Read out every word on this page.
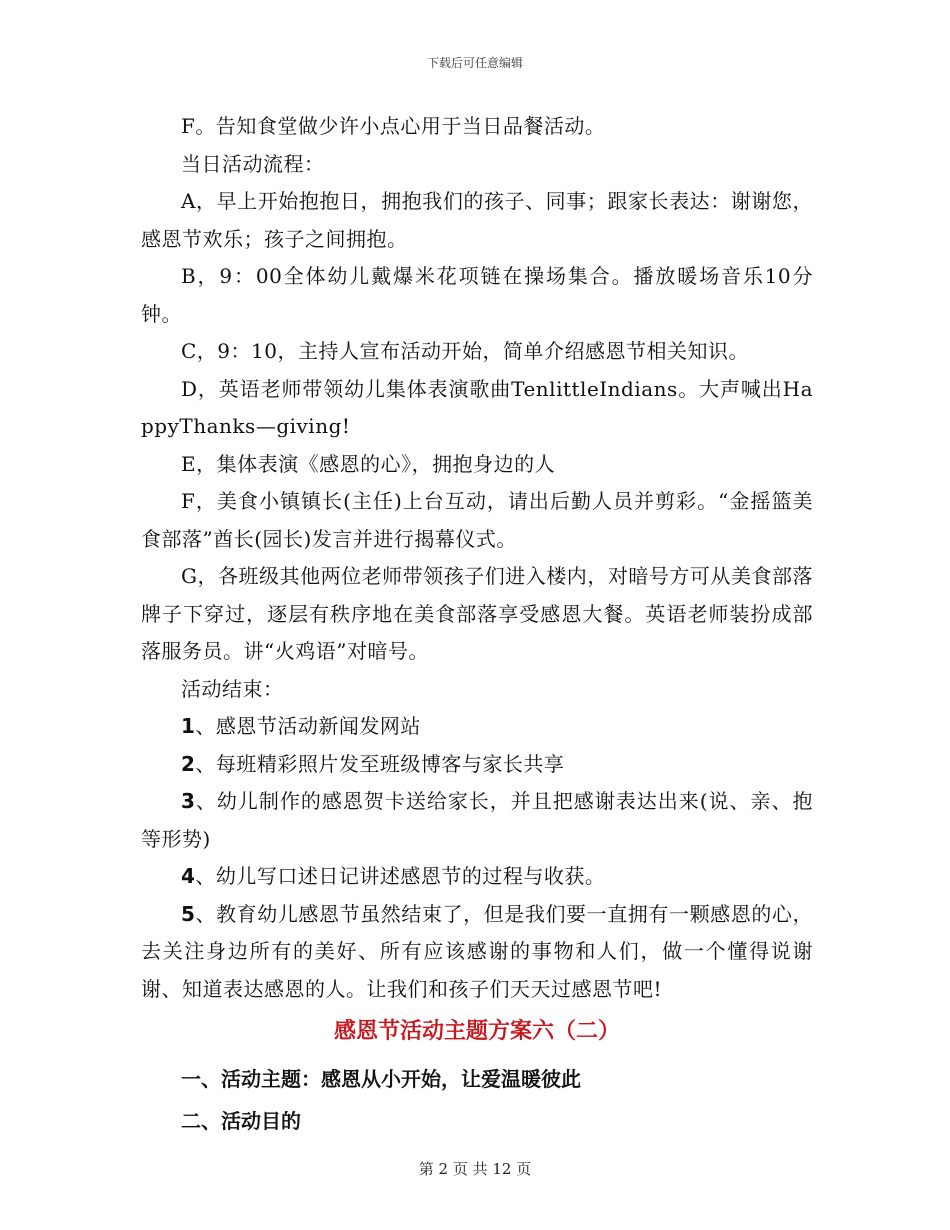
下载后可任意编辑

F。告知食堂做少许小点心用于当日品餐活动。

当日活动流程：

A，早上开始抱抱日，拥抱我们的孩子、同事；跟家长表达：谢谢您，感恩节欢乐；孩子之间拥抱。

B，9：00全体幼儿戴爆米花项链在操场集合。播放暖场音乐10分钟。

C，9：10，主持人宣布活动开始，简单介绍感恩节相关知识。

D，英语老师带领幼儿集体表演歌曲TenlittleIndians。大声喊出HappyThanks—giving!

E，集体表演《感恩的心》，拥抱身边的人

F，美食小镇镇长(主任)上台互动，请出后勤人员并剪彩。“金摇篮美食部落”酋长(园长)发言并进行揭幕仪式。

G，各班级其他两位老师带领孩子们进入楼内，对暗号方可从美食部落牌子下穿过，逐层有秩序地在美食部落享受感恩大餐。英语老师装扮成部落服务员。讲“火鸡语”对暗号。

活动结束：

1、感恩节活动新闻发网站

2、每班精彩照片发至班级博客与家长共享

3、幼儿制作的感恩贺卡送给家长，并且把感谢表达出来(说、亲、抱等形势)

4、幼儿写口述日记讲述感恩节的过程与收获。

5、教育幼儿感恩节虽然结束了，但是我们要一直拥有一颗感恩的心，去关注身边所有的美好、所有应该感谢的事物和人们，做一个懂得说谢谢、知道表达感恩的人。让我们和孩子们天天过感恩节吧!

感恩节活动主题方案六（二）

一、活动主题：感恩从小开始，让爱温暖彼此

二、活动目的

第 2 页 共 12 页
